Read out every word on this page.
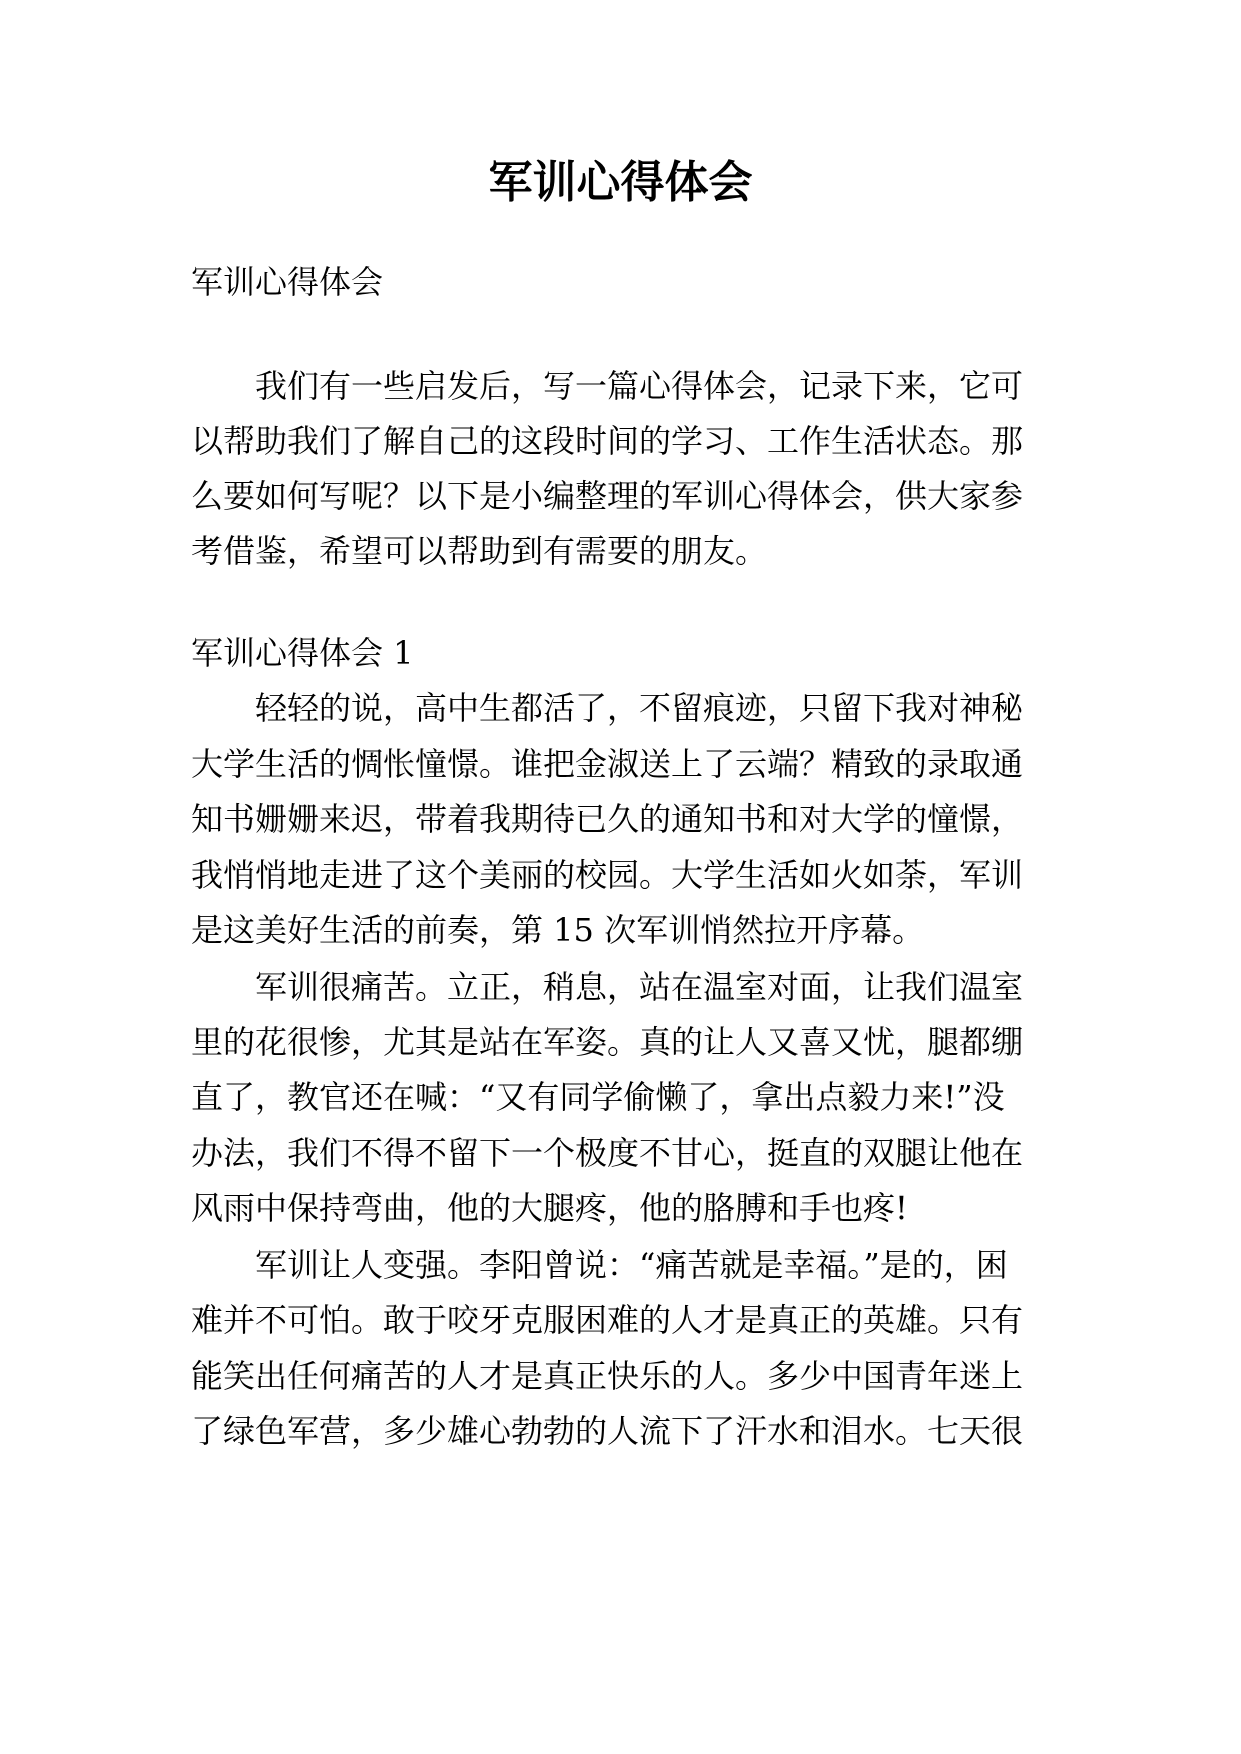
军训心得体会
军训心得体会
我们有一些启发后，写一篇心得体会，记录下来，它可
以帮助我们了解自己的这段时间的学习、工作生活状态。那
么要如何写呢？以下是小编整理的军训心得体会，供大家参
考借鉴，希望可以帮助到有需要的朋友。
军训心得体会 1
轻轻的说，高中生都活了，不留痕迹，只留下我对神秘
大学生活的惆怅憧憬。谁把金淑送上了云端？精致的录取通
知书姗姗来迟，带着我期待已久的通知书和对大学的憧憬，
我悄悄地走进了这个美丽的校园。大学生活如火如荼，军训
是这美好生活的前奏，第 15 次军训悄然拉开序幕。
军训很痛苦。立正，稍息，站在温室对面，让我们温室
里的花很惨，尤其是站在军姿。真的让人又喜又忧，腿都绷
直了，教官还在喊：“又有同学偷懒了，拿出点毅力来!”没
办法，我们不得不留下一个极度不甘心，挺直的双腿让他在
风雨中保持弯曲，他的大腿疼，他的胳膊和手也疼!
军训让人变强。李阳曾说：“痛苦就是幸福。”是的，困
难并不可怕。敢于咬牙克服困难的人才是真正的英雄。只有
能笑出任何痛苦的人才是真正快乐的人。多少中国青年迷上
了绿色军营，多少雄心勃勃的人流下了汗水和泪水。七天很
